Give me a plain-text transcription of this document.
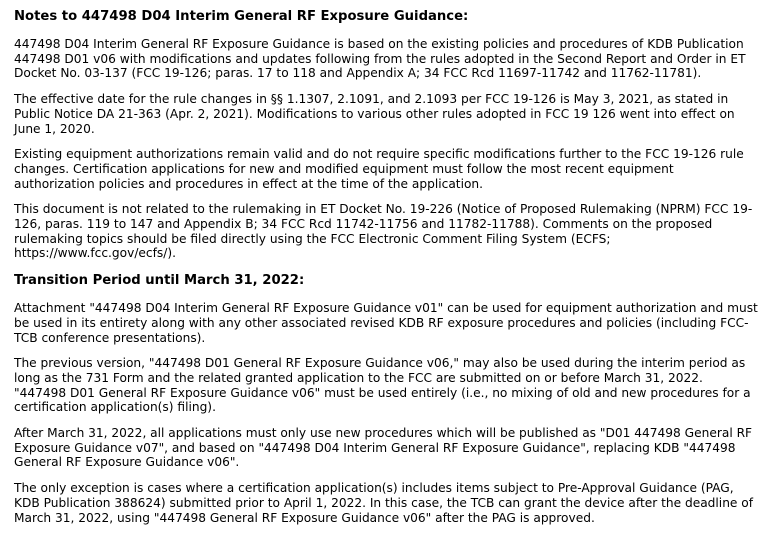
Notes to 447498 D04 Interim General RF Exposure Guidance:

447498 D04 Interim General RF Exposure Guidance is based on the existing policies and procedures of KDB Publication 447498 D01 v06 with modifications and updates following from the rules adopted in the Second Report and Order in ET Docket No. 03-137 (FCC 19-126; paras. 17 to 118 and Appendix A; 34 FCC Rcd 11697-11742 and 11762-11781).

The effective date for the rule changes in §§ 1.1307, 2.1091, and 2.1093 per FCC 19-126 is May 3, 2021, as stated in Public Notice DA 21-363 (Apr. 2, 2021). Modifications to various other rules adopted in FCC 19 126 went into effect on June 1, 2020.

Existing equipment authorizations remain valid and do not require specific modifications further to the FCC 19-126 rule changes. Certification applications for new and modified equipment must follow the most recent equipment authorization policies and procedures in effect at the time of the application.

This document is not related to the rulemaking in ET Docket No. 19-226 (Notice of Proposed Rulemaking (NPRM) FCC 19-126, paras. 119 to 147 and Appendix B; 34 FCC Rcd 11742-11756 and 11782-11788). Comments on the proposed rulemaking topics should be filed directly using the FCC Electronic Comment Filing System (ECFS; https://www.fcc.gov/ecfs/).

Transition Period until March 31, 2022:

Attachment "447498 D04 Interim General RF Exposure Guidance v01" can be used for equipment authorization and must be used in its entirety along with any other associated revised KDB RF exposure procedures and policies (including FCC-TCB conference presentations).

The previous version, "447498 D01 General RF Exposure Guidance v06," may also be used during the interim period as long as the 731 Form and the related granted application to the FCC are submitted on or before March 31, 2022. "447498 D01 General RF Exposure Guidance v06" must be used entirely (i.e., no mixing of old and new procedures for a certification application(s) filing).

After March 31, 2022, all applications must only use new procedures which will be published as "D01 447498 General RF Exposure Guidance v07", and based on "447498 D04 Interim General RF Exposure Guidance", replacing KDB "447498 General RF Exposure Guidance v06".

The only exception is cases where a certification application(s) includes items subject to Pre-Approval Guidance (PAG, KDB Publication 388624) submitted prior to April 1, 2022. In this case, the TCB can grant the device after the deadline of March 31, 2022, using "447498 General RF Exposure Guidance v06" after the PAG is approved.
